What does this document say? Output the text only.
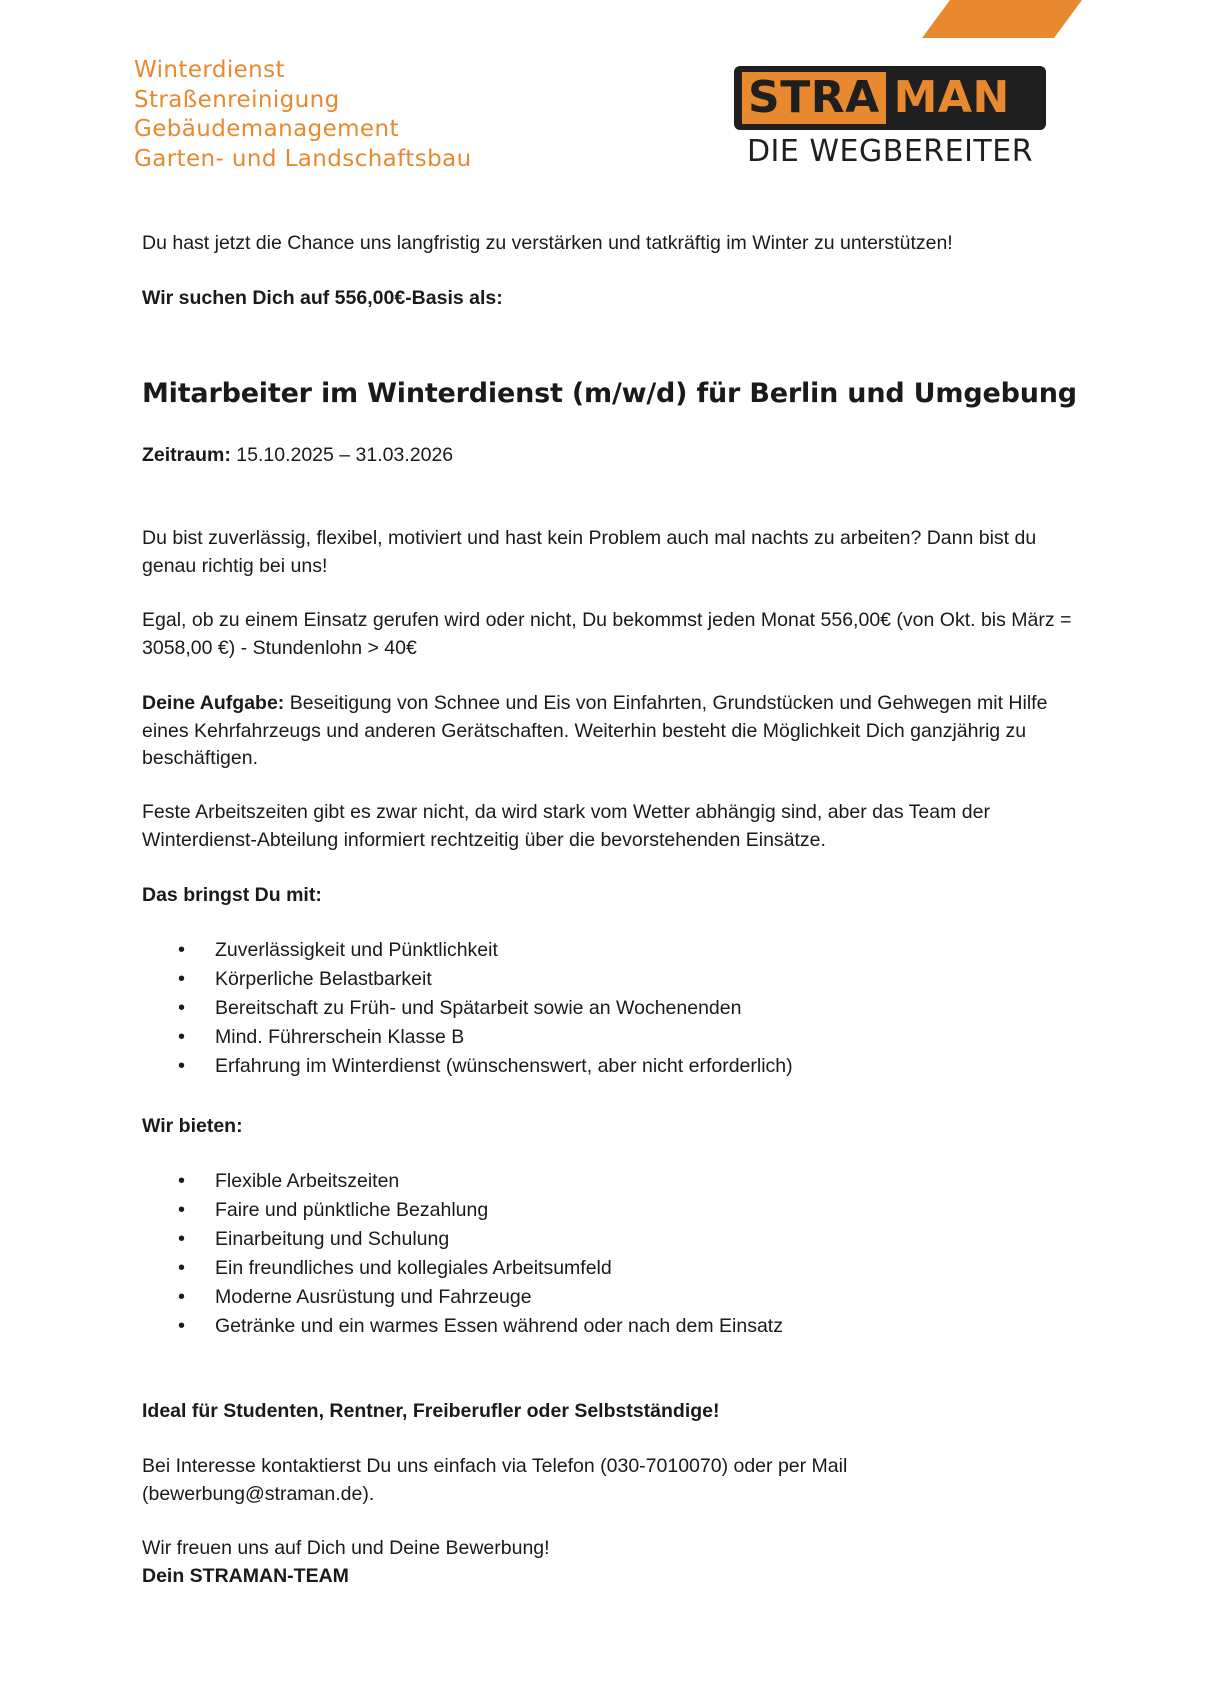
Winterdienst
Straßenreinigung
Gebäudemanagement
Garten- und Landschaftsbau
STRA MAN
DIE WEGBEREITER

Du hast jetzt die Chance uns langfristig zu verstärken und tatkräftig im Winter zu unterstützen!

Wir suchen Dich auf 556,00€-Basis als:

Mitarbeiter im Winterdienst (m/w/d) für Berlin und Umgebung

Zeitraum: 15.10.2025 – 31.03.2026

Du bist zuverlässig, flexibel, motiviert und hast kein Problem auch mal nachts zu arbeiten? Dann bist du genau richtig bei uns!

Egal, ob zu einem Einsatz gerufen wird oder nicht, Du bekommst jeden Monat 556,00€ (von Okt. bis März = 3058,00 €) - Stundenlohn > 40€

Deine Aufgabe: Beseitigung von Schnee und Eis von Einfahrten, Grundstücken und Gehwegen mit Hilfe eines Kehrfahrzeugs und anderen Gerätschaften. Weiterhin besteht die Möglichkeit Dich ganzjährig zu beschäftigen.

Feste Arbeitszeiten gibt es zwar nicht, da wird stark vom Wetter abhängig sind, aber das Team der Winterdienst-Abteilung informiert rechtzeitig über die bevorstehenden Einsätze.

Das bringst Du mit:

• Zuverlässigkeit und Pünktlichkeit
• Körperliche Belastbarkeit
• Bereitschaft zu Früh- und Spätarbeit sowie an Wochenenden
• Mind. Führerschein Klasse B
• Erfahrung im Winterdienst (wünschenswert, aber nicht erforderlich)

Wir bieten:

• Flexible Arbeitszeiten
• Faire und pünktliche Bezahlung
• Einarbeitung und Schulung
• Ein freundliches und kollegiales Arbeitsumfeld
• Moderne Ausrüstung und Fahrzeuge
• Getränke und ein warmes Essen während oder nach dem Einsatz

Ideal für Studenten, Rentner, Freiberufler oder Selbstständige!

Bei Interesse kontaktierst Du uns einfach via Telefon (030-7010070) oder per Mail (bewerbung@straman.de).

Wir freuen uns auf Dich und Deine Bewerbung!

Dein STRAMAN-TEAM
